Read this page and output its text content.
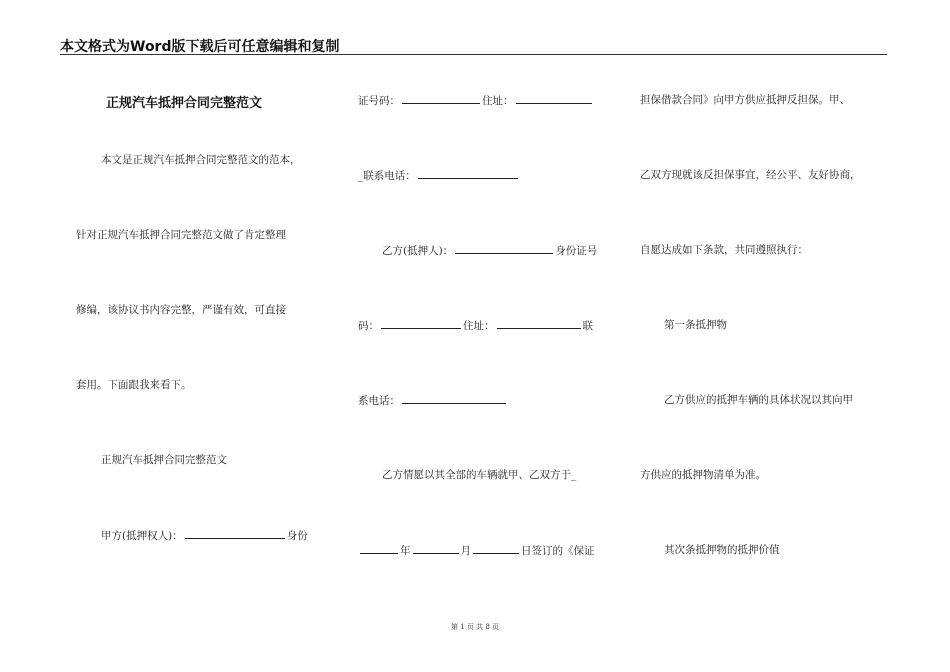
本文格式为Word版下载后可任意编辑和复制
正规汽车抵押合同完整范文
本文是正规汽车抵押合同完整范文的范本，
针对正规汽车抵押合同完整范文做了肯定整理
修编，该协议书内容完整，严谨有效，可直接
套用。下面跟我来看下。
正规汽车抵押合同完整范文
甲方(抵押权人)：	身份
证号码：	住址：
_联系电话：
乙方(抵押人)：	身份证号
码：	住址：	联
系电话：
乙方情愿以其全部的车辆就甲、乙双方于_
年	月	日签订的《保证
担保借款合同》向甲方供应抵押反担保。甲、
乙双方现就该反担保事宜，经公平、友好协商，
自愿达成如下条款，共同遵照执行：
第一条抵押物
乙方供应的抵押车辆的具体状况以其向甲
方供应的抵押物清单为准。
其次条抵押物的抵押价值
第 1 页 共 8 页
